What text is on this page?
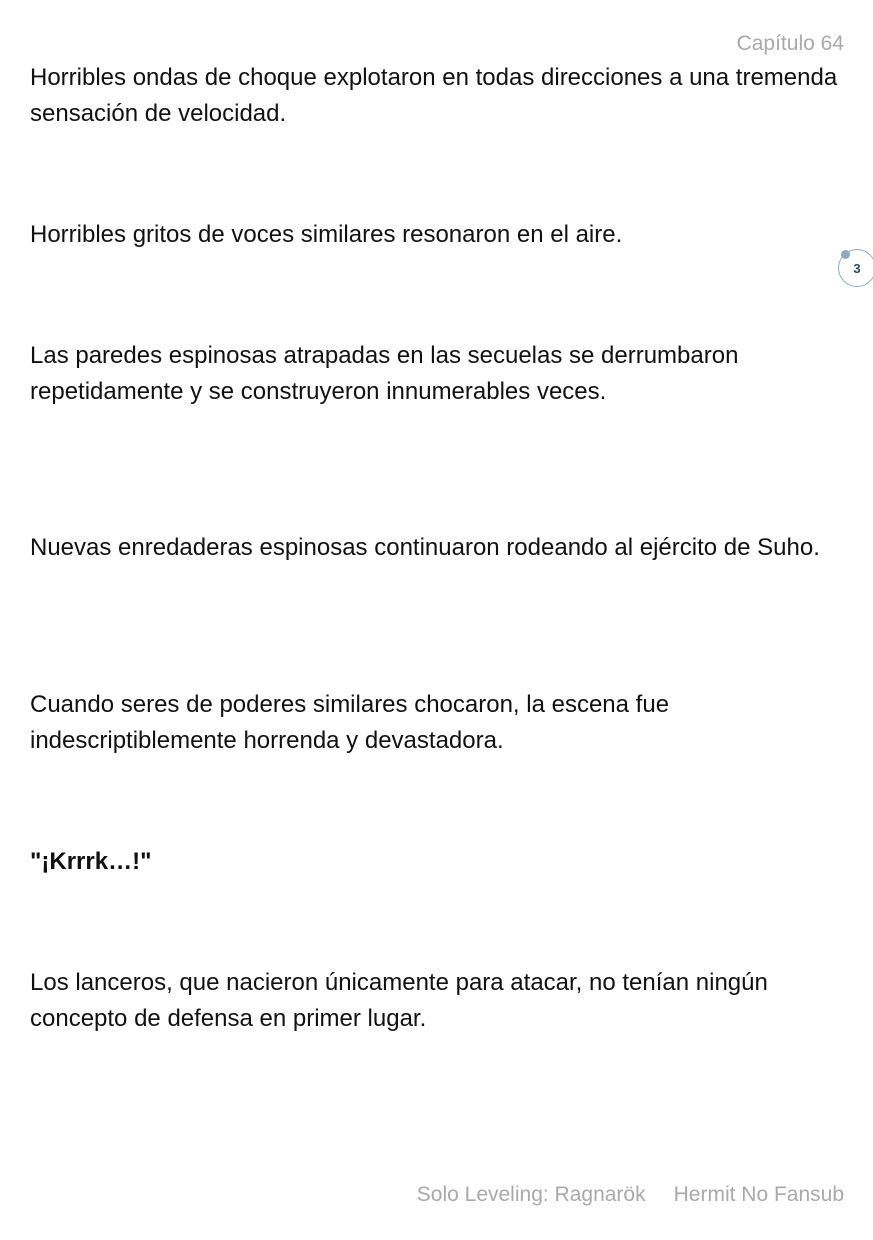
Capítulo 64

Horribles ondas de choque explotaron en todas direcciones a una tremenda sensación de velocidad.

Horribles gritos de voces similares resonaron en el aire.

Las paredes espinosas atrapadas en las secuelas se derrumbaron repetidamente y se construyeron innumerables veces.

Nuevas enredaderas espinosas continuaron rodeando al ejército de Suho.

Cuando seres de poderes similares chocaron, la escena fue indescriptiblemente horrenda y devastadora.

"¡Krrrk…!"

Los lanceros, que nacieron únicamente para atacar, no tenían ningún concepto de defensa en primer lugar.

3
Solo Leveling: Ragnarök Hermit No Fansub
